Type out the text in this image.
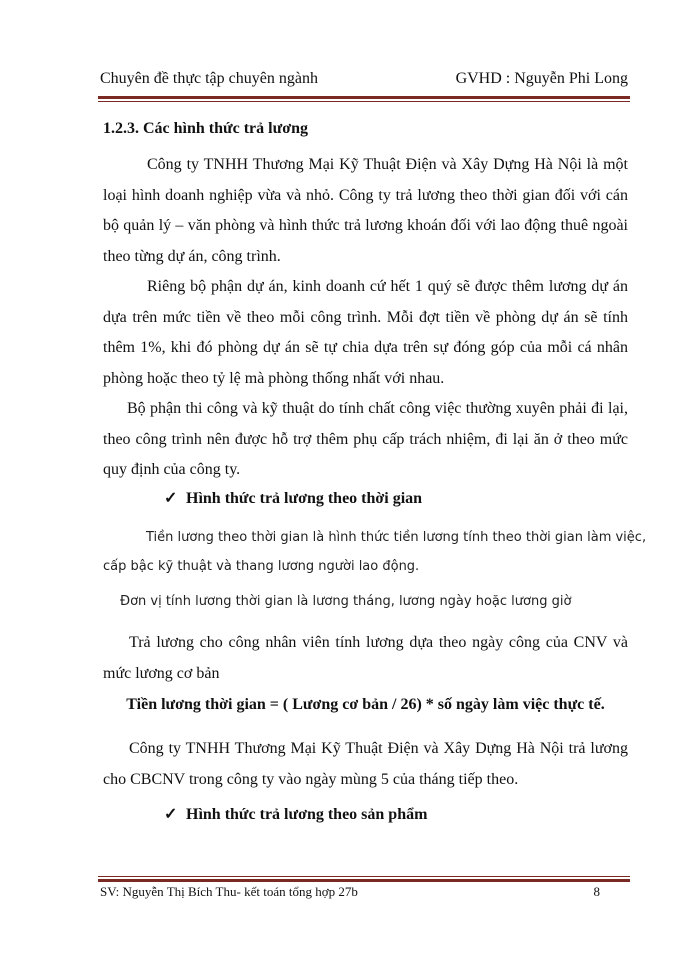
Chuyên đề thực tập chuyên ngành	GVHD : Nguyễn Phi Long
1.2.3. Các hình thức trả lương
Công ty TNHH Thương Mại Kỹ Thuật Điện và Xây Dựng Hà Nội là một loại hình doanh nghiệp vừa và nhỏ. Công ty trả lương theo thời gian đối với cán bộ quản lý – văn phòng và hình thức trả lương khoán đối với lao động thuê ngoài theo từng dự án, công trình.
Riêng bộ phận dự án, kinh doanh cứ hết 1 quý sẽ được thêm lương dự án dựa trên mức tiền về theo mỗi công trình. Mỗi đợt tiền về phòng dự án sẽ tính thêm 1%, khi đó phòng dự án sẽ tự chia dựa trên sự đóng góp của mỗi cá nhân phòng hoặc theo tỷ lệ mà phòng thống nhất với nhau.
Bộ phận thi công và kỹ thuật do tính chất công việc thường xuyên phải đi lại, theo công trình nên được hỗ trợ thêm phụ cấp trách nhiệm, đi lại ăn ở theo mức quy định của công ty.
✓ Hình thức trả lương theo thời gian
Tiền lương theo thời gian là hình thức tiền lương tính theo thời gian làm việc,
cấp bậc kỹ thuật và thang lương người lao động.
Đơn vị tính lương thời gian là lương tháng, lương ngày hoặc lương giờ
Trả lương cho công nhân viên tính lương dựa theo ngày công của CNV và mức lương cơ bản
Tiền lương thời gian = ( Lương cơ bản / 26) * số ngày làm việc thực tế.
Công ty TNHH Thương Mại Kỹ Thuật Điện và Xây Dựng Hà Nội trả lương cho CBCNV trong công ty vào ngày mùng 5 của tháng tiếp theo.
✓ Hình thức trả lương theo sản phẩm
SV: Nguyễn Thị Bích Thu- kết toán tổng hợp 27b	8
